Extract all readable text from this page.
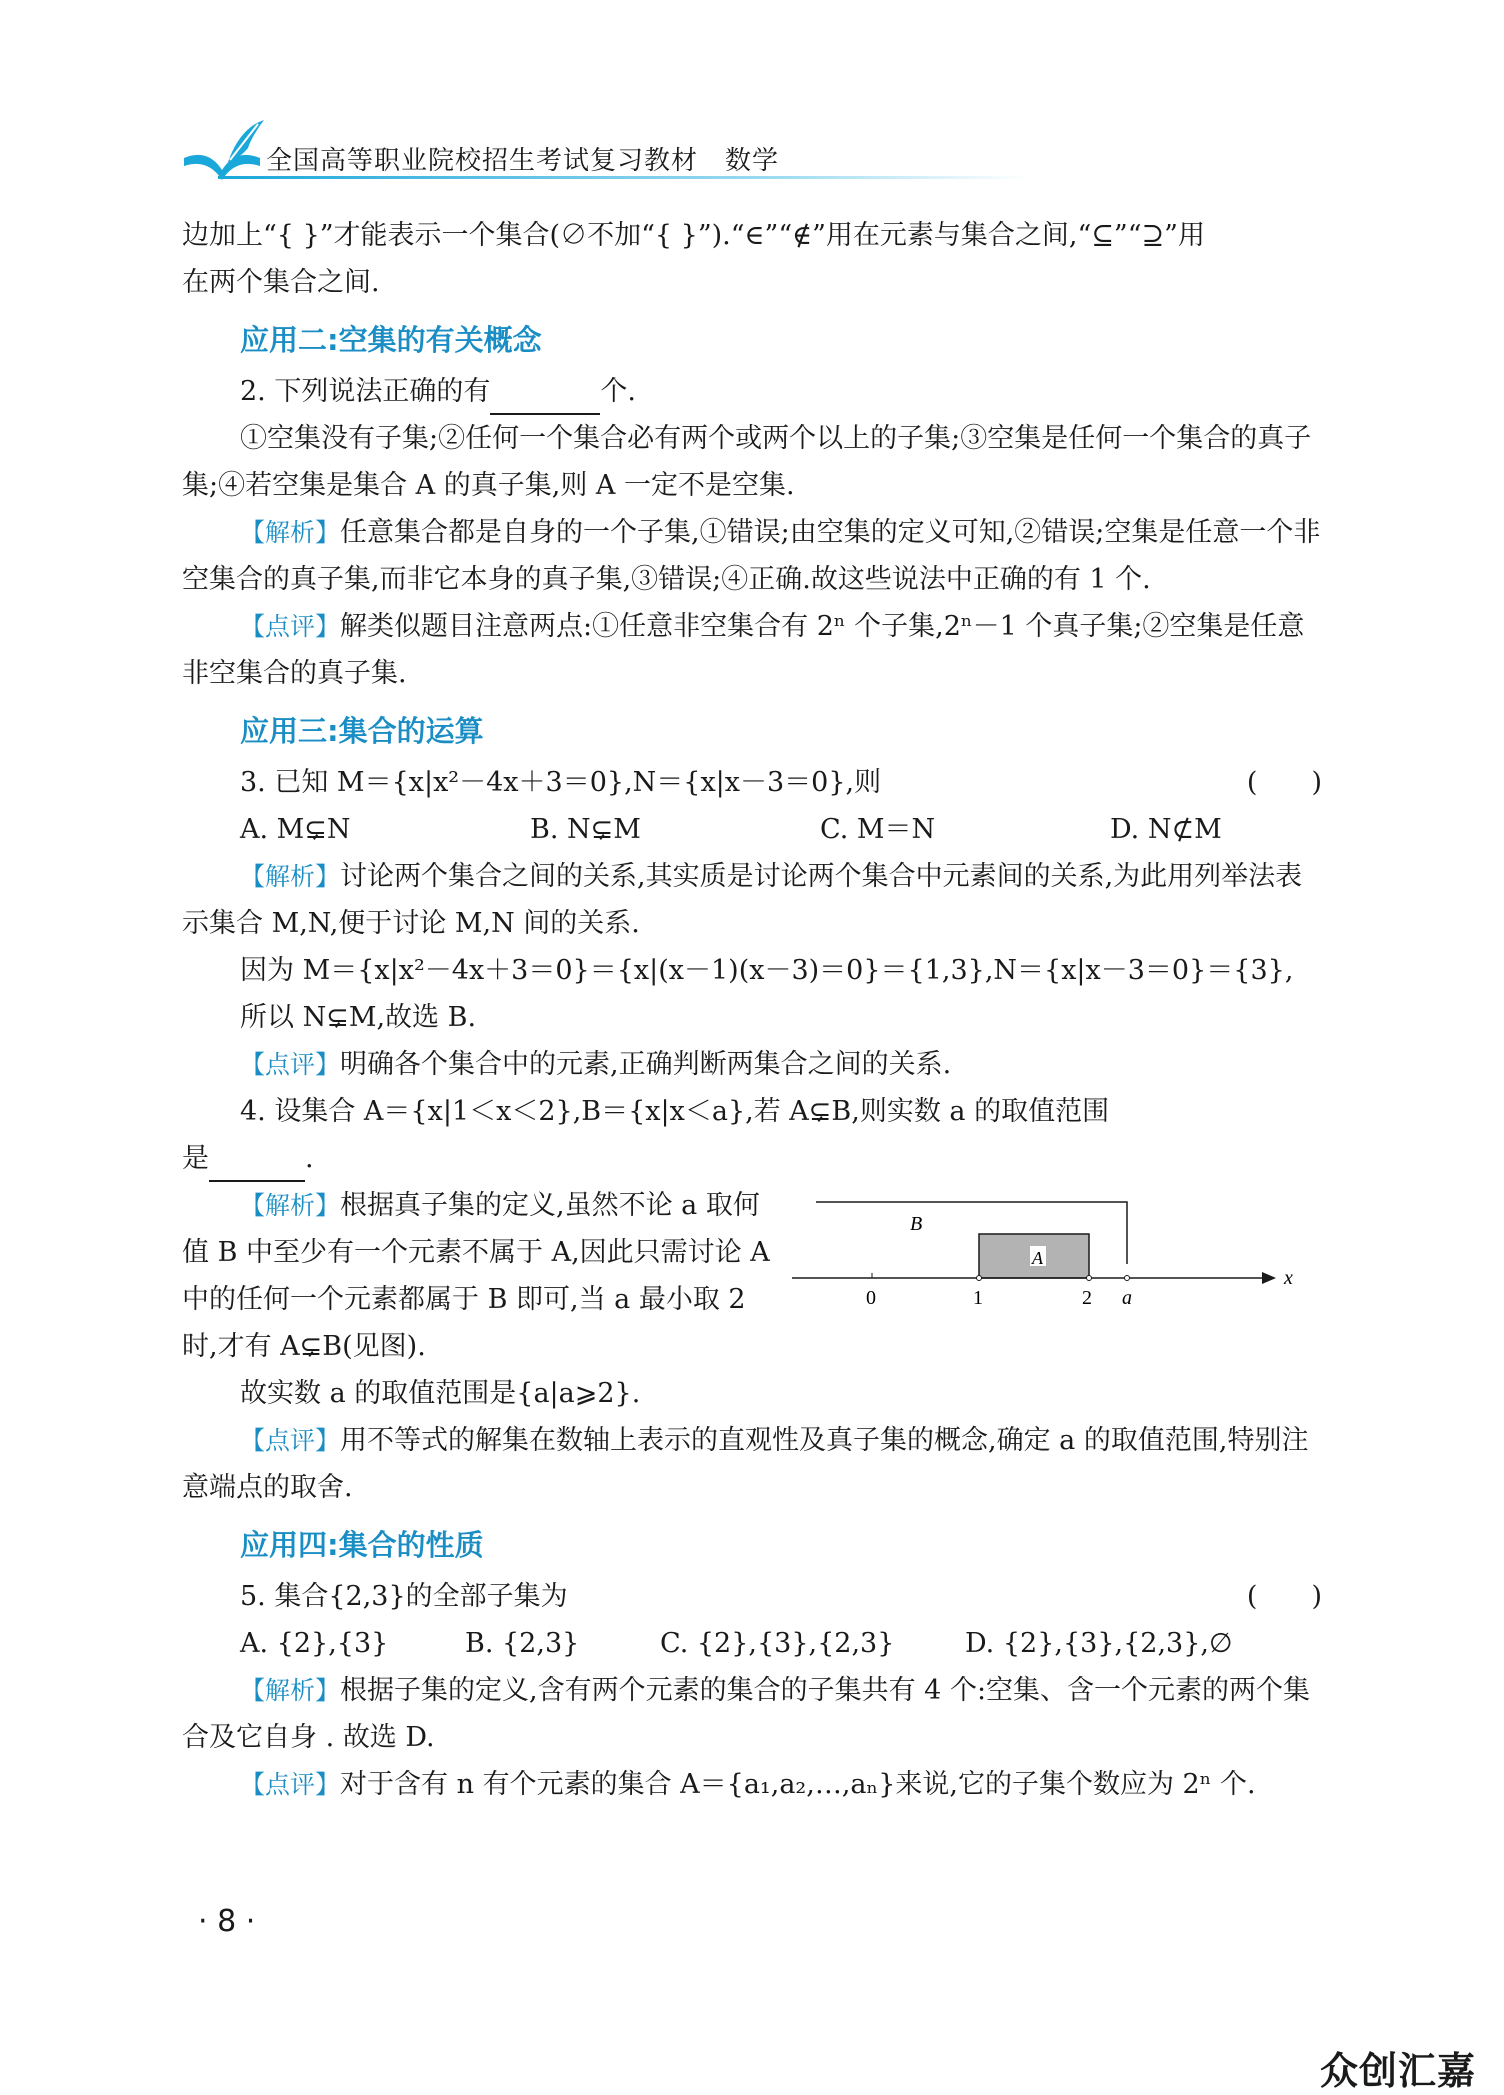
全国高等职业院校招生考试复习教材　数学

边加上“{ }”才能表示一个集合(∅不加“{ }”).“∈”“∉”用在元素与集合之间,“⊆”“⊇”用

在两个集合之间.

应用二:空集的有关概念

2. 下列说法正确的有	个.

①空集没有子集;②任何一个集合必有两个或两个以上的子集;③空集是任何一个集合的真子集;④若空集是集合 A 的真子集,则 A 一定不是空集.

【解析】任意集合都是自身的一个子集,①错误;由空集的定义可知,②错误;空集是任意一个非空集合的真子集,而非它本身的真子集,③错误;④正确.故这些说法中正确的有 1 个.

【点评】解类似题目注意两点:①任意非空集合有 2ⁿ 个子集,2ⁿ－1 个真子集;②空集是任意非空集合的真子集.

应用三:集合的运算

3. 已知 M＝{x|x²－4x＋3＝0},N＝{x|x－3＝0},则	(　　)

A. M⊊N	B. N⊊M	C. M＝N	D. N⊄M

【解析】讨论两个集合之间的关系,其实质是讨论两个集合中元素间的关系,为此用列举法表示集合 M,N,便于讨论 M,N 间的关系.

因为 M＝{x|x²－4x＋3＝0}＝{x|(x－1)(x－3)＝0}＝{1,3},N＝{x|x－3＝0}＝{3},

所以 N⊊M,故选 B.

【点评】明确各个集合中的元素,正确判断两集合之间的关系.

4. 设集合 A＝{x|1＜x＜2},B＝{x|x＜a},若 A⊊B,则实数 a 的取值范围

是	.

【解析】根据真子集的定义,虽然不论 a 取何值 B 中至少有一个元素不属于 A,因此只需讨论 A 中的任何一个元素都属于 B 即可,当 a 最小取 2 时,才有 A⊊B(见图).

B
A
0	1	2 a
x

故实数 a 的取值范围是{a|a⩾2}.

【点评】用不等式的解集在数轴上表示的直观性及真子集的概念,确定 a 的取值范围,特别注意端点的取舍.

应用四:集合的性质

5. 集合{2,3}的全部子集为	(　　)

A. {2},{3}	B. {2,3}	C. {2},{3},{2,3}	D. {2},{3},{2,3},∅

【解析】根据子集的定义,含有两个元素的集合的子集共有 4 个:空集、含一个元素的两个集合及它自身 . 故选 D.

【点评】对于含有 n 有个元素的集合 A＝{a₁,a₂,…,aₙ}来说,它的子集个数应为 2ⁿ 个.

· 8 ·
众创汇嘉
